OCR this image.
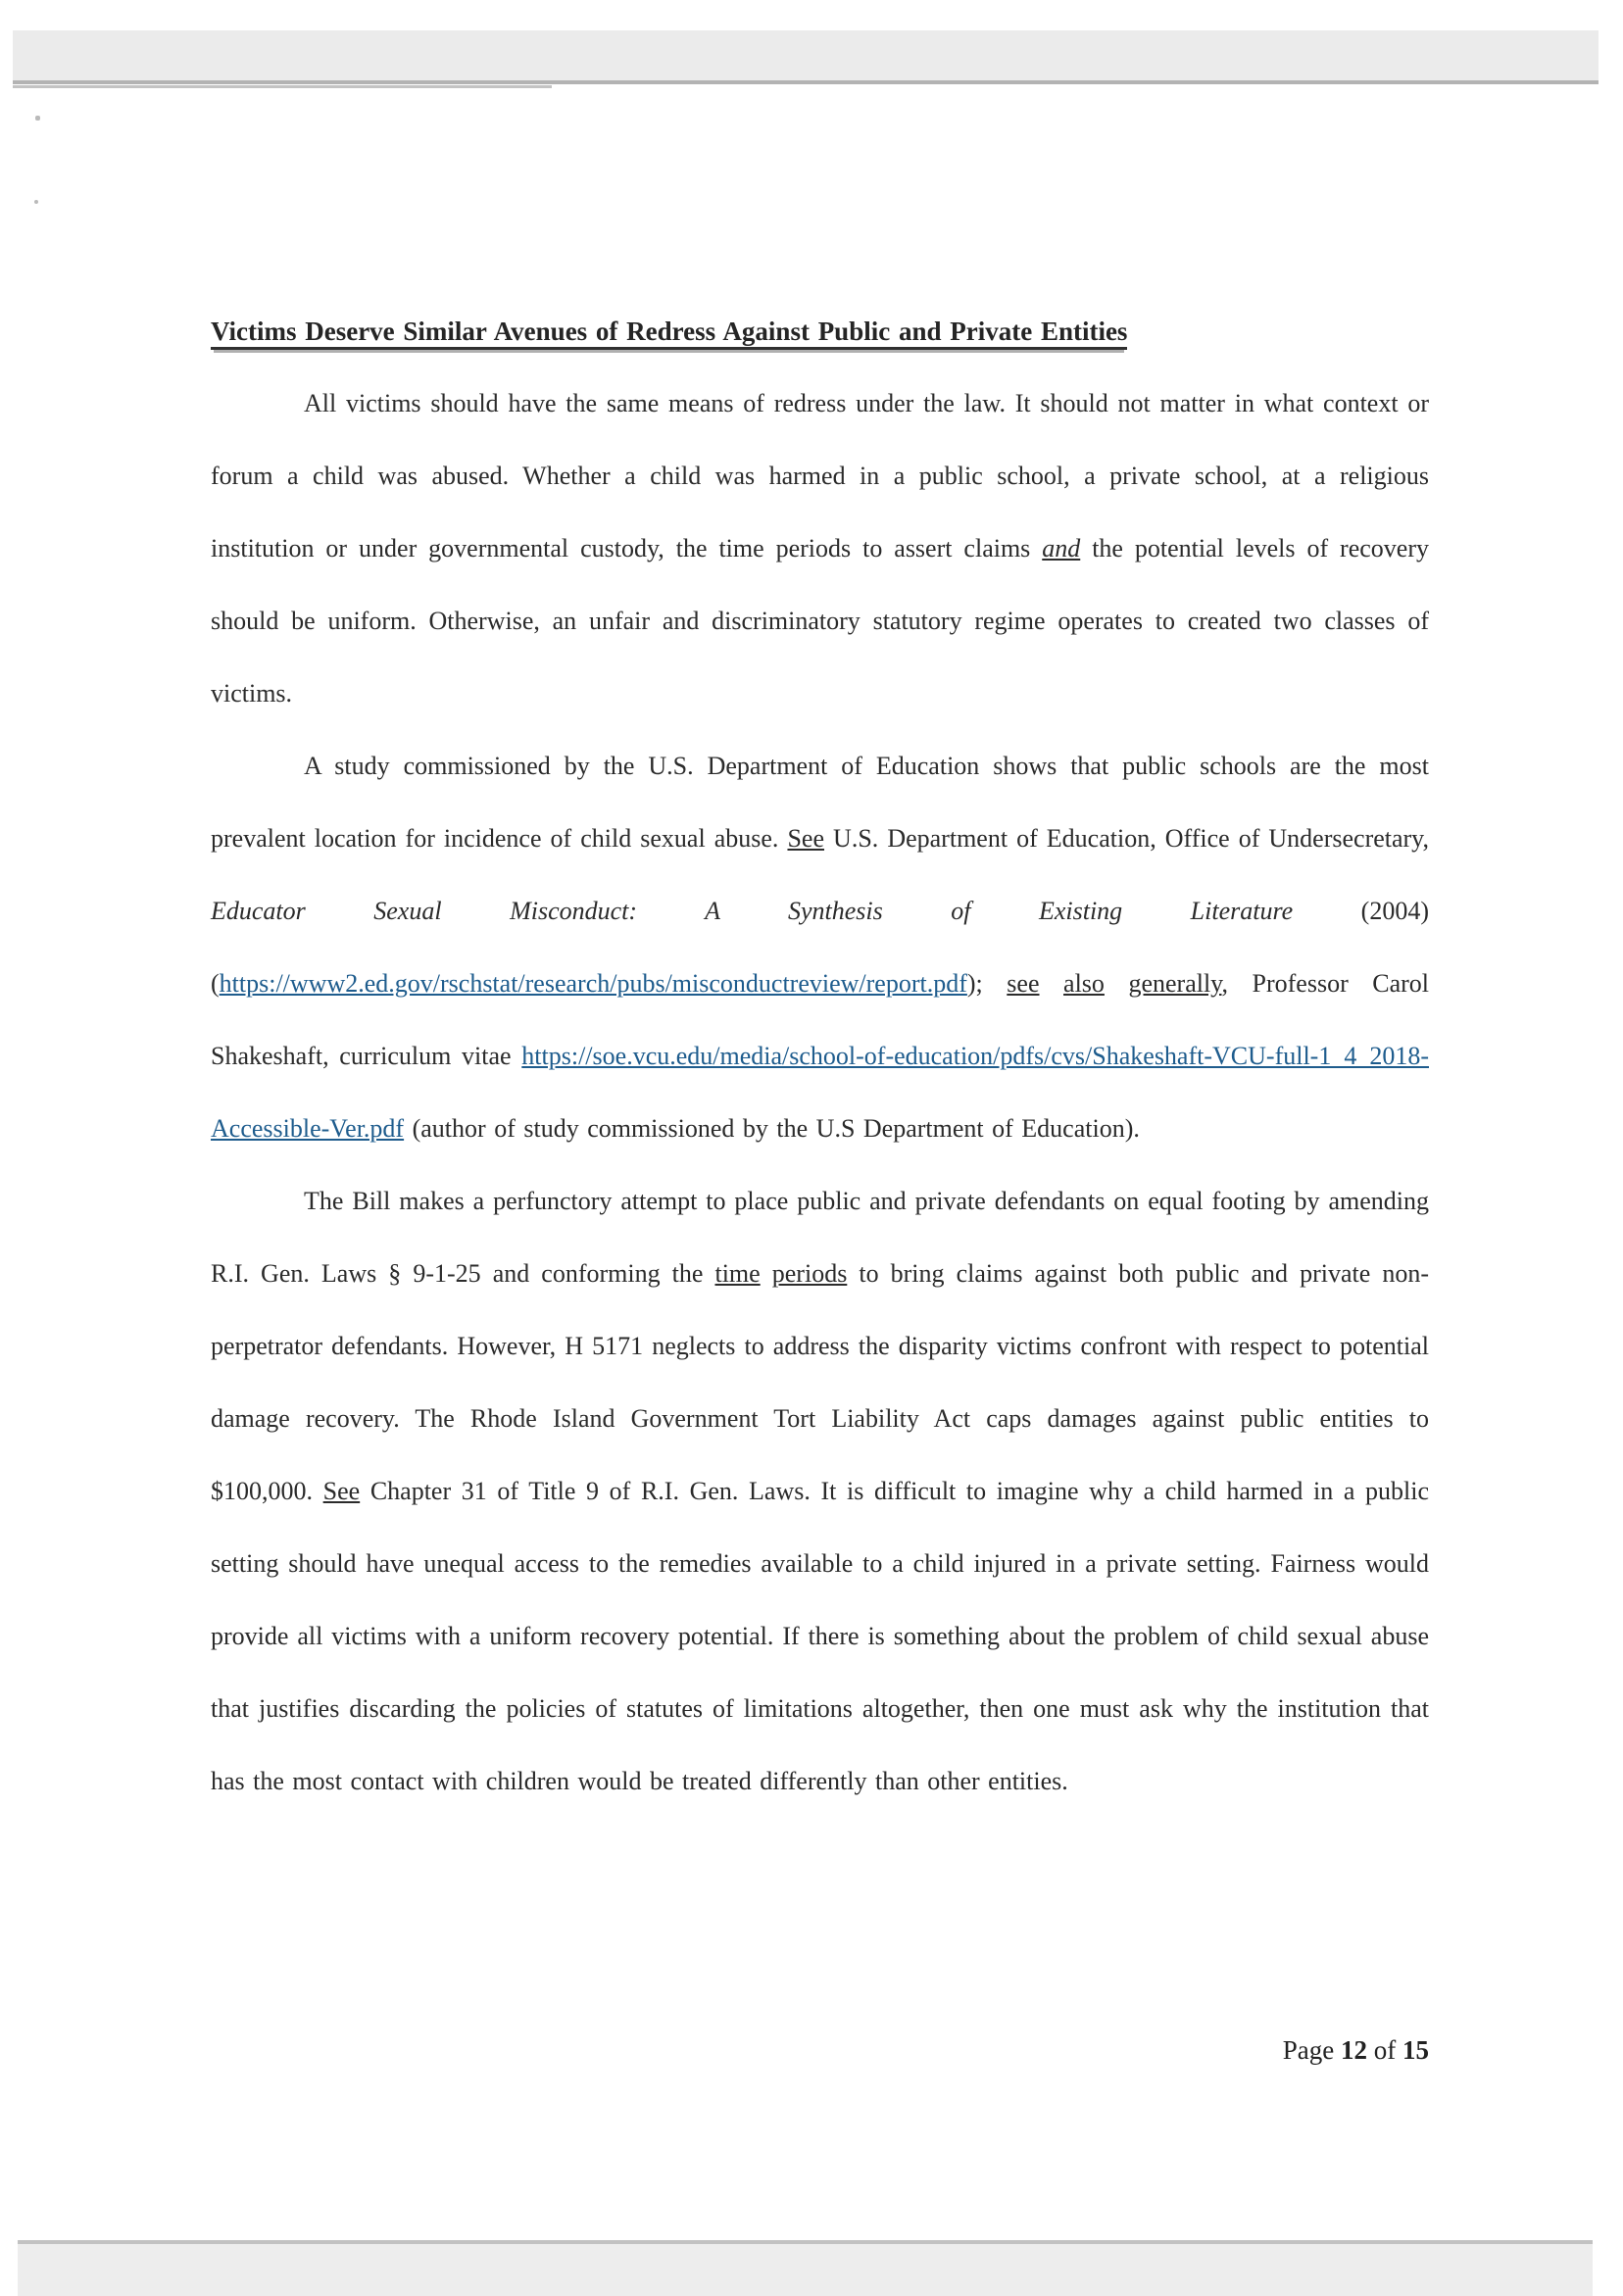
Victims Deserve Similar Avenues of Redress Against Public and Private Entities

All victims should have the same means of redress under the law. It should not matter in what context or forum a child was abused. Whether a child was harmed in a public school, a private school, at a religious institution or under governmental custody, the time periods to assert claims and the potential levels of recovery should be uniform. Otherwise, an unfair and discriminatory statutory regime operates to created two classes of victims.

A study commissioned by the U.S. Department of Education shows that public schools are the most prevalent location for incidence of child sexual abuse. See U.S. Department of Education, Office of Undersecretary, Educator Sexual Misconduct: A Synthesis of Existing Literature (2004) (https://www2.ed.gov/rschstat/research/pubs/misconductreview/report.pdf); see also generally, Professor Carol Shakeshaft, curriculum vitae https://soe.vcu.edu/media/school-of-education/pdfs/cvs/Shakeshaft-VCU-full-1_4_2018-Accessible-Ver.pdf (author of study commissioned by the U.S Department of Education).

The Bill makes a perfunctory attempt to place public and private defendants on equal footing by amending R.I. Gen. Laws § 9-1-25 and conforming the time periods to bring claims against both public and private non-perpetrator defendants. However, H 5171 neglects to address the disparity victims confront with respect to potential damage recovery. The Rhode Island Government Tort Liability Act caps damages against public entities to $100,000. See Chapter 31 of Title 9 of R.I. Gen. Laws. It is difficult to imagine why a child harmed in a public setting should have unequal access to the remedies available to a child injured in a private setting. Fairness would provide all victims with a uniform recovery potential. If there is something about the problem of child sexual abuse that justifies discarding the policies of statutes of limitations altogether, then one must ask why the institution that has the most contact with children would be treated differently than other entities.

Page 12 of 15
